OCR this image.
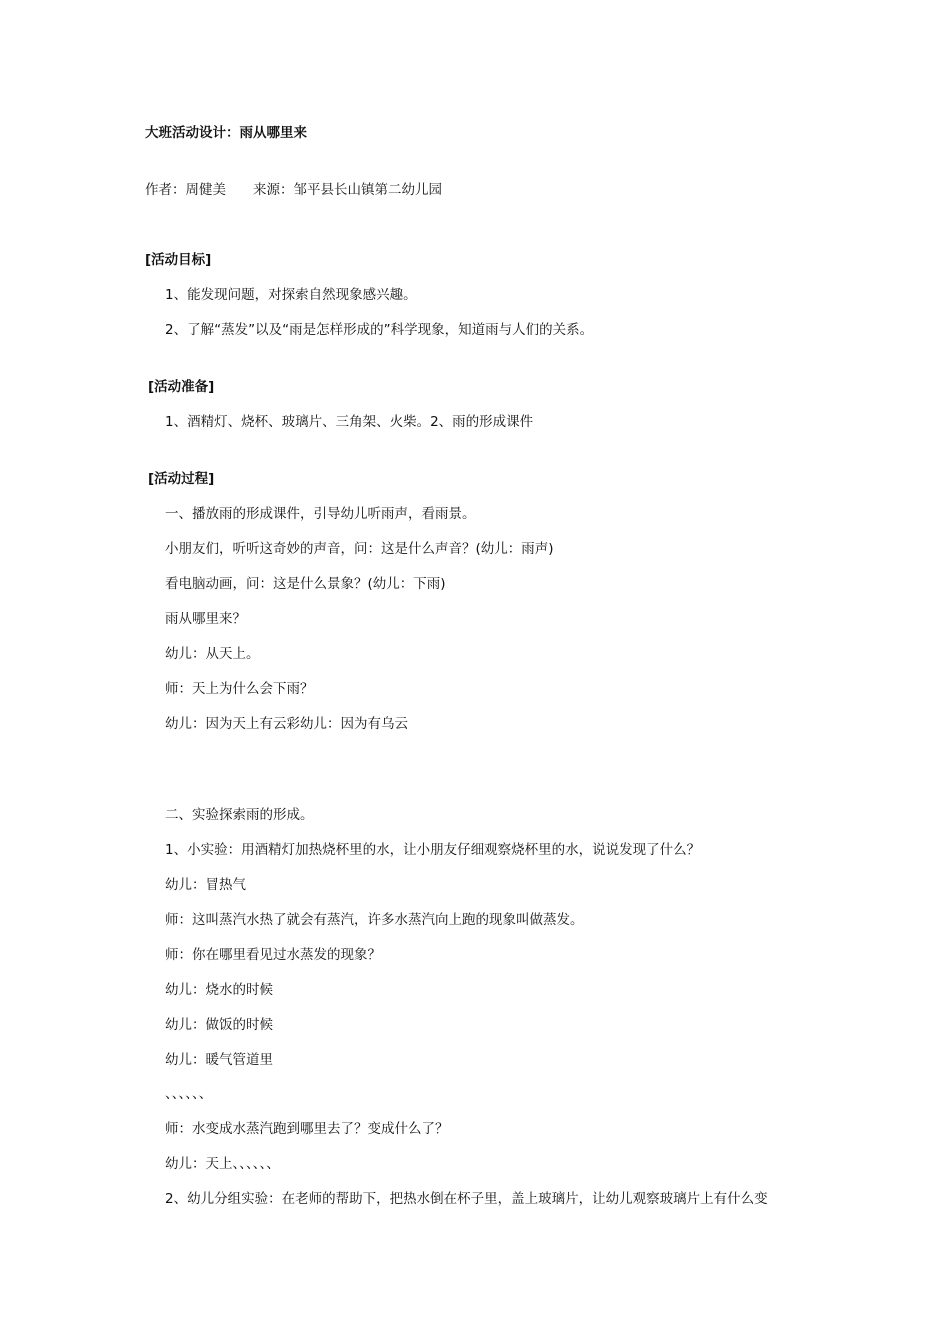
大班活动设计：雨从哪里来
作者：周健美　　来源：邹平县长山镇第二幼儿园
[活动目标]
1、能发现问题，对探索自然现象感兴趣。
2、了解“蒸发”以及“雨是怎样形成的”科学现象，知道雨与人们的关系。
[活动准备]
1、酒精灯、烧杯、玻璃片、三角架、火柴。2、雨的形成课件
[活动过程]
一、播放雨的形成课件，引导幼儿听雨声，看雨景。
小朋友们，听听这奇妙的声音，问：这是什么声音？(幼儿：雨声)
看电脑动画，问：这是什么景象？(幼儿：下雨)
雨从哪里来？
幼儿：从天上。
师：天上为什么会下雨？
幼儿：因为天上有云彩幼儿：因为有乌云
二、实验探索雨的形成。
1、小实验：用酒精灯加热烧杯里的水，让小朋友仔细观察烧杯里的水，说说发现了什么？
幼儿：冒热气
师：这叫蒸汽水热了就会有蒸汽，许多水蒸汽向上跑的现象叫做蒸发。
师：你在哪里看见过水蒸发的现象？
幼儿：烧水的时候
幼儿：做饭的时候
幼儿：暖气管道里
、、、、、、
师：水变成水蒸汽跑到哪里去了？变成什么了？
幼儿：天上、、、、、、
2、幼儿分组实验：在老师的帮助下，把热水倒在杯子里，盖上玻璃片，让幼儿观察玻璃片上有什么变
